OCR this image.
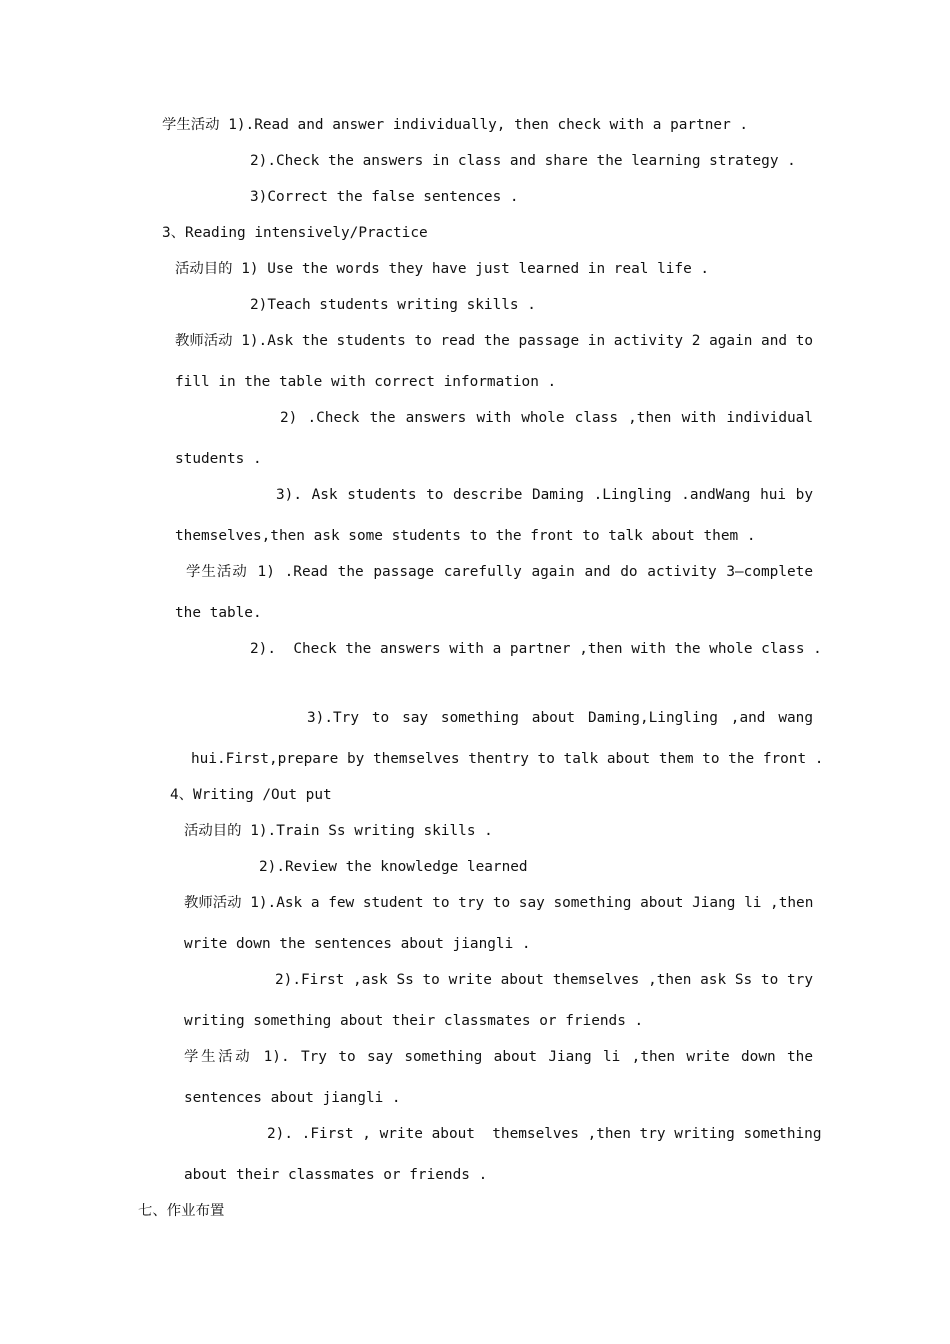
学生活动 1).Read and answer individually, then check with a partner .

2).Check the answers in class and share the learning strategy .

3)Correct the false sentences .

3、Reading intensively/Practice

活动目的 1) Use the words they have just learned in real life .

2)Teach students writing skills .

教师活动 1).Ask the students to read the passage in activity 2 again and to

fill in the table with correct information .

2) .Check the answers with whole class ,then with individual

students .

3). Ask students to describe Daming .Lingling .andWang hui by

themselves,then ask some students to the front to talk about them .

学生活动 1) .Read the passage carefully again and do activity 3—complete

the table.

2).  Check the answers with a partner ,then with the whole class .

3).Try to say something about Daming,Lingling ,and wang

hui.First,prepare by themselves thentry to talk about them to the front .

4、Writing /Out put

活动目的 1).Train Ss writing skills .

2).Review the knowledge learned

教师活动 1).Ask a few student to try to say something about Jiang li ,then

write down the sentences about jiangli .

2).First ,ask Ss to write about themselves ,then ask Ss to try

writing something about their classmates or friends .

学生活动 1). Try to say something about Jiang li ,then write down the

sentences about jiangli .

2). .First , write about  themselves ,then try writing something

about their classmates or friends .

七、作业布置
